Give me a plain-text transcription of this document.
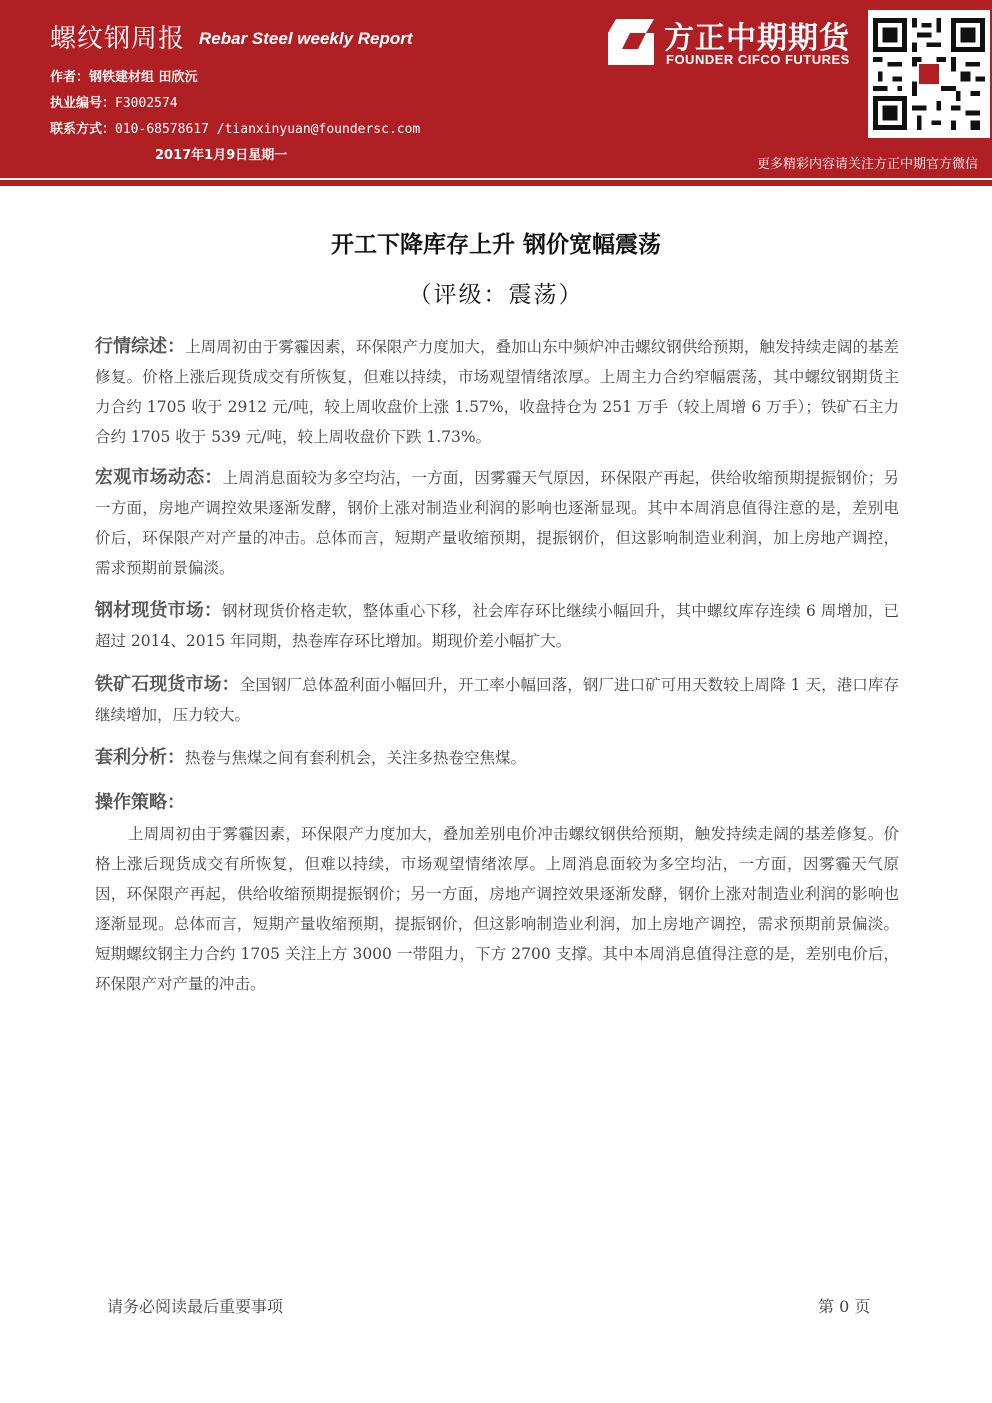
螺纹钢周报 Rebar Steel weekly Report
作者：钢铁建材组 田欣沅
执业编号：F3002574
联系方式：010-68578617 /tianxinyuan@foundersc.com
2017年1月9日星期一
方正中期期货
FOUNDER CIFCO FUTURES
更多精彩内容请关注方正中期官方微信
开工下降库存上升 钢价宽幅震荡
（评级：震荡）
行情综述：上周周初由于雾霾因素，环保限产力度加大，叠加山东中频炉冲击螺纹钢供给预期，触发持续走阔的基差修复。价格上涨后现货成交有所恢复，但难以持续，市场观望情绪浓厚。上周主力合约窄幅震荡，其中螺纹钢期货主力合约 1705 收于 2912 元/吨，较上周收盘价上涨 1.57%，收盘持仓为 251 万手（较上周增 6 万手）；铁矿石主力合约 1705 收于 539 元/吨，较上周收盘价下跌 1.73%。
宏观市场动态：上周消息面较为多空均沾，一方面，因雾霾天气原因，环保限产再起，供给收缩预期提振钢价；另一方面，房地产调控效果逐渐发酵，钢价上涨对制造业利润的影响也逐渐显现。其中本周消息值得注意的是，差别电价后，环保限产对产量的冲击。总体而言，短期产量收缩预期，提振钢价，但这影响制造业利润，加上房地产调控，需求预期前景偏淡。
钢材现货市场：钢材现货价格走软，整体重心下移，社会库存环比继续小幅回升，其中螺纹库存连续 6 周增加，已超过 2014、2015 年同期，热卷库存环比增加。期现价差小幅扩大。
铁矿石现货市场：全国钢厂总体盈利面小幅回升，开工率小幅回落，钢厂进口矿可用天数较上周降 1 天，港口库存继续增加，压力较大。
套利分析：热卷与焦煤之间有套利机会，关注多热卷空焦煤。
操作策略：
上周周初由于雾霾因素，环保限产力度加大，叠加差别电价冲击螺纹钢供给预期，触发持续走阔的基差修复。价格上涨后现货成交有所恢复，但难以持续，市场观望情绪浓厚。上周消息面较为多空均沾，一方面，因雾霾天气原因，环保限产再起，供给收缩预期提振钢价；另一方面，房地产调控效果逐渐发酵，钢价上涨对制造业利润的影响也逐渐显现。总体而言，短期产量收缩预期，提振钢价，但这影响制造业利润，加上房地产调控，需求预期前景偏淡。短期螺纹钢主力合约 1705 关注上方 3000 一带阻力，下方 2700 支撑。其中本周消息值得注意的是，差别电价后，环保限产对产量的冲击。
请务必阅读最后重要事项	第 0 页
